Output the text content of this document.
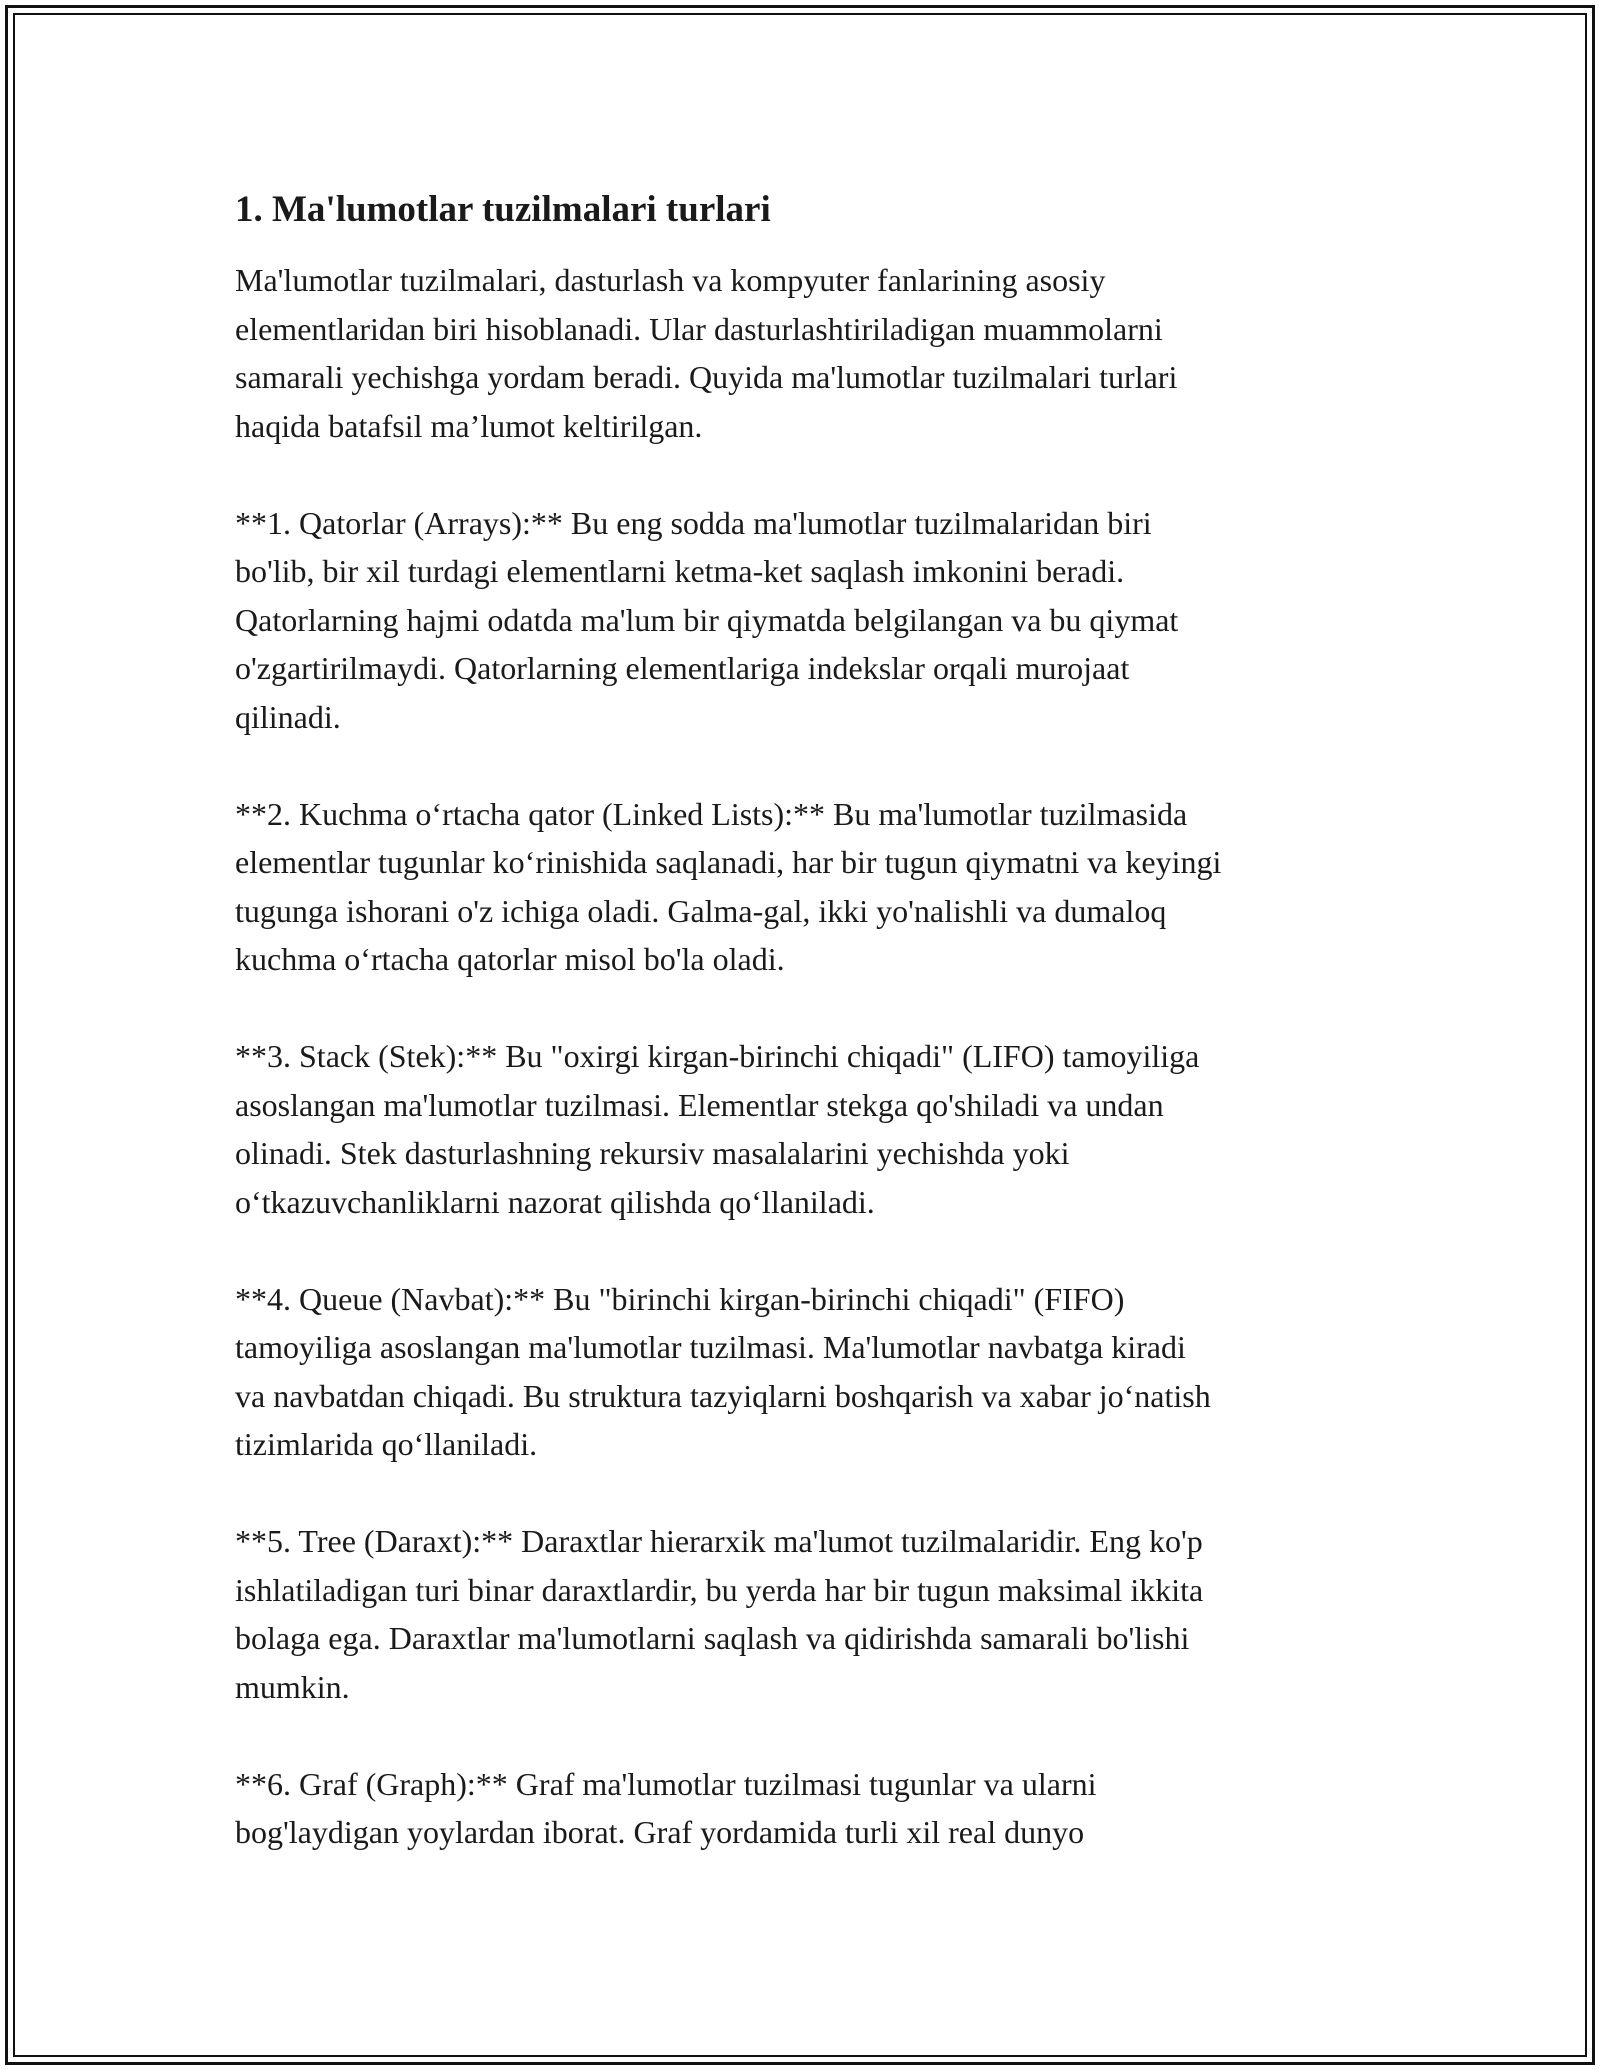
1. Ma'lumotlar tuzilmalari turlari

Ma'lumotlar tuzilmalari, dasturlash va kompyuter fanlarining asosiy
elementlaridan biri hisoblanadi. Ular dasturlashtiriladigan muammolarni
samarali yechishga yordam beradi. Quyida ma'lumotlar tuzilmalari turlari
haqida batafsil ma’lumot keltirilgan.

**1. Qatorlar (Arrays):** Bu eng sodda ma'lumotlar tuzilmalaridan biri
bo'lib, bir xil turdagi elementlarni ketma-ket saqlash imkonini beradi.
Qatorlarning hajmi odatda ma'lum bir qiymatda belgilangan va bu qiymat
o'zgartirilmaydi. Qatorlarning elementlariga indekslar orqali murojaat
qilinadi.

**2. Kuchma o‘rtacha qator (Linked Lists):** Bu ma'lumotlar tuzilmasida
elementlar tugunlar ko‘rinishida saqlanadi, har bir tugun qiymatni va keyingi
tugunga ishorani o'z ichiga oladi. Galma-gal, ikki yo'nalishli va dumaloq
kuchma o‘rtacha qatorlar misol bo'la oladi.

**3. Stack (Stek):** Bu "oxirgi kirgan-birinchi chiqadi" (LIFO) tamoyiliga
asoslangan ma'lumotlar tuzilmasi. Elementlar stekga qo'shiladi va undan
olinadi. Stek dasturlashning rekursiv masalalarini yechishda yoki
o‘tkazuvchanliklarni nazorat qilishda qo‘llaniladi.

**4. Queue (Navbat):** Bu "birinchi kirgan-birinchi chiqadi" (FIFO)
tamoyiliga asoslangan ma'lumotlar tuzilmasi. Ma'lumotlar navbatga kiradi
va navbatdan chiqadi. Bu struktura tazyiqlarni boshqarish va xabar jo‘natish
tizimlarida qo‘llaniladi.

**5. Tree (Daraxt):** Daraxtlar hierarxik ma'lumot tuzilmalaridir. Eng ko'p
ishlatiladigan turi binar daraxtlardir, bu yerda har bir tugun maksimal ikkita
bolaga ega. Daraxtlar ma'lumotlarni saqlash va qidirishda samarali bo'lishi
mumkin.

**6. Graf (Graph):** Graf ma'lumotlar tuzilmasi tugunlar va ularni
bog'laydigan yoylardan iborat. Graf yordamida turli xil real dunyo
